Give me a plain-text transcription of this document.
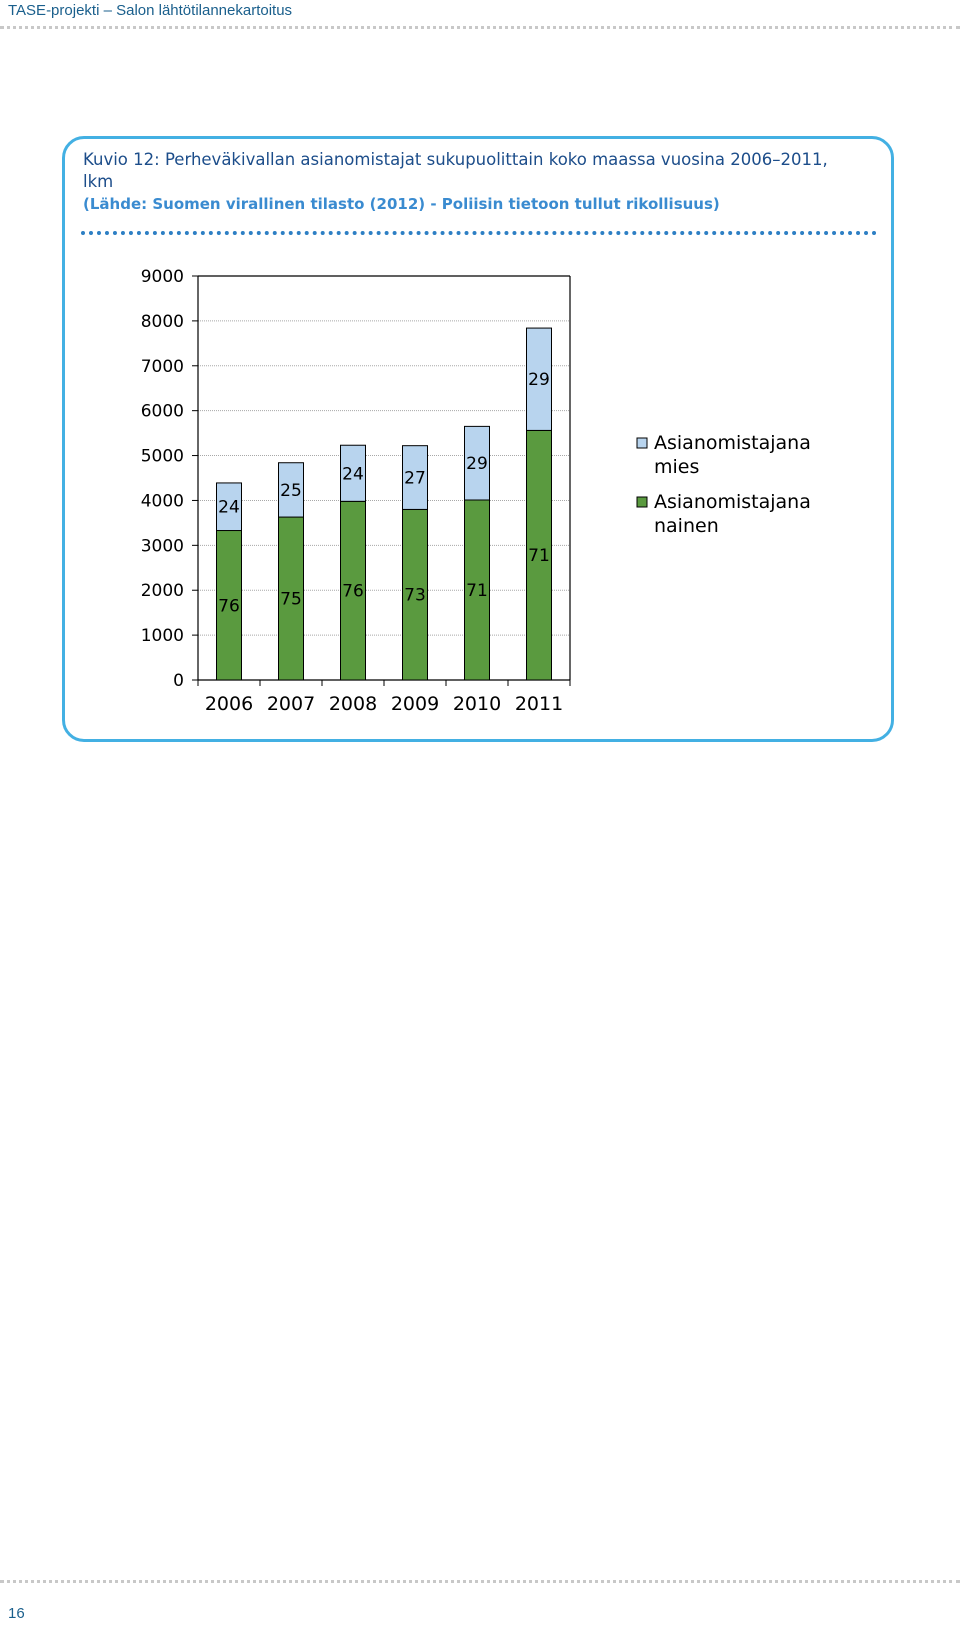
TASE-projekti – Salon lähtötilannekartoitus
Kuvio 12: Perheväkivallan asianomistajat sukupuolittain koko maassa vuosina 2006–2011, lkm
(Lähde: Suomen virallinen tilasto (2012) - Poliisin tietoon tullut rikollisuus)
0
1000
2000
3000
4000
5000
6000
7000
8000
9000
76
24
2006
75
25
2007
76
24
2008
73
27
2009
71
29
2010
71
29
2011
Asianomistajana
mies
Asianomistajana
nainen
16
